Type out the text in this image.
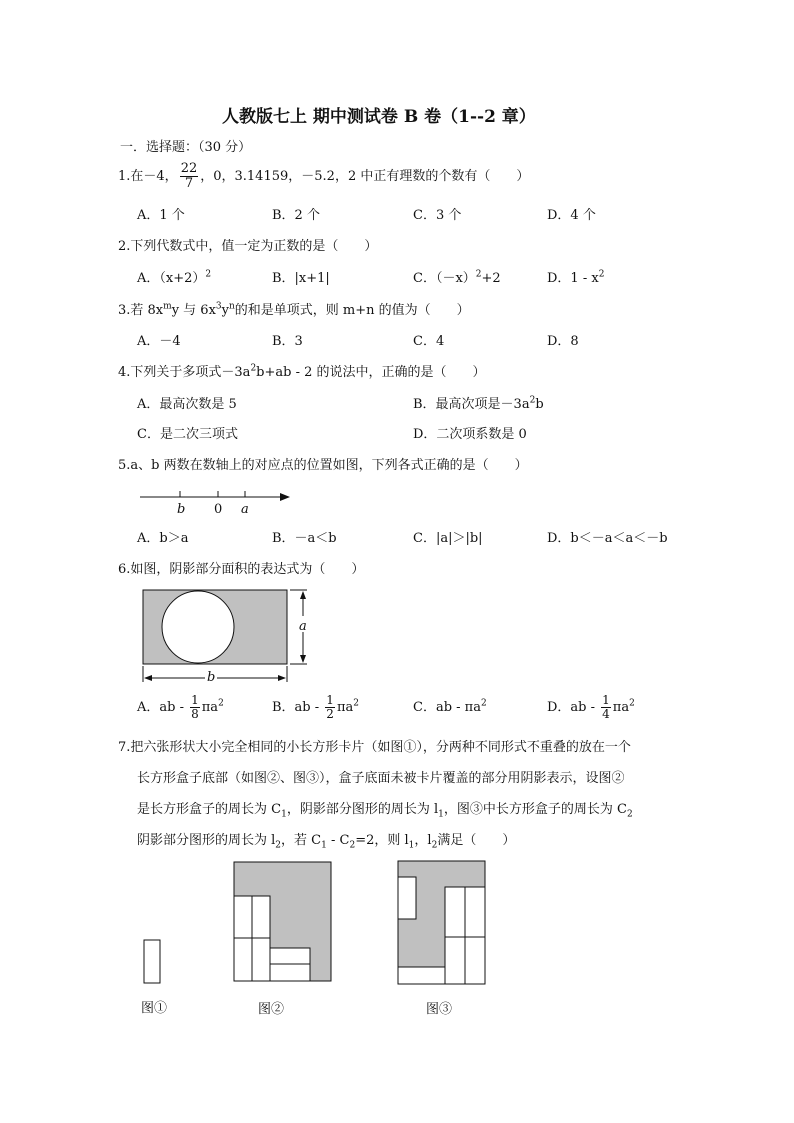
人教版七上 期中测试卷 B 卷（1--2 章）
一．选择题：（30 分）
1.在－4， $\frac{22}{7}$ ，0，3.14159，－5.2，2 中正有理数的个数有（　　）
A．1 个	B．2 个	C．3 个	D．4 个
2.下列代数式中，值一定为正数的是（　　）
A．$(x+2)^2$	B．|x+1|	C．$(-x)^2+2$	D．$1 - x^2$
3.若 $8x^my$ 与 $6x^3y^n$的和是单项式，则 m+n 的值为（　　）
A．－4	B．3	C．4	D．8
4.下列关于多项式$-3a^2b+ab - 2$ 的说法中，正确的是（　　）
A．最高次数是 5	B．最高次项是$-3a^2b$
C．是二次三项式	D．二次项系数是 0
5.a、b 两数在数轴上的对应点的位置如图，下列各式正确的是（　　）
b 0 a
A．b＞a	B．－a＜b	C．|a|＞|b|	D．b＜－a＜a＜－b
6.如图，阴影部分面积的表达式为（　　）
a
b
A．ab - $\frac{1}{8} \pi a^2$	B．ab - $\frac{1}{2} \pi a^2$	C．ab - $\pi a^2$	D．ab - $\frac{1}{4} \pi a^2$
7.把六张形状大小完全相同的小长方形卡片（如图①），分两种不同形式不重叠的放在一个
长方形盒子底部（如图②、图③），盒子底面未被卡片覆盖的部分用阴影表示，设图②
是长方形盒子的周长为 $C_1$，阴影部分图形的周长为 $l_1$，图③中长方形盒子的周长为 $C_2$
阴影部分图形的周长为 $l_2$，若 $C_1 - C_2=2$，则 $l_1$，$l_2$满足（　　）
图①	图②	图③
